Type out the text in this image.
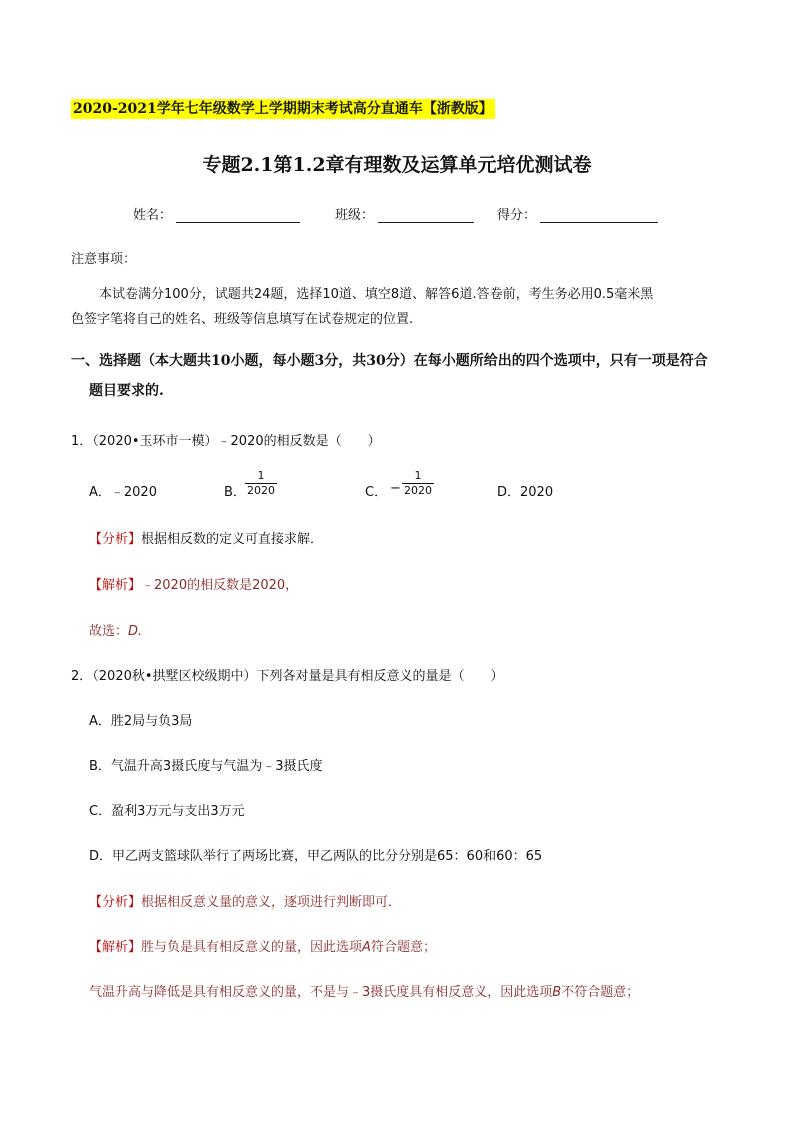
2020-2021学年七年级数学上学期期末考试高分直通车【浙教版】
专题2.1第1.2章有理数及运算单元培优测试卷
姓名：	班级：	得分：
注意事项：
本试卷满分100分，试题共24题，选择10道、填空8道、解答6道.答卷前，考生务必用0.5毫米黑
色签字笔将自己的姓名、班级等信息填写在试卷规定的位置.
一、选择题（本大题共10小题，每小题3分，共30分）在每小题所给出的四个选项中，只有一项是符合
题目要求的.
1．（2020•玉环市一模）﹣2020的相反数是（　　）
A．﹣2020	B． $\frac{1}{2020}$	C． − $\frac{1}{2020}$	D．2020
【分析】根据相反数的定义可直接求解．
【解析】﹣2020的相反数是2020，
故选：D.
2．（2020秋•拱墅区校级期中）下列各对量是具有相反意义的量是（　　）
A．胜2局与负3局
B．气温升高3摄氏度与气温为﹣3摄氏度
C．盈利3万元与支出3万元
D．甲乙两支篮球队举行了两场比赛，甲乙两队的比分分别是65：60和60：65
【分析】根据相反意义量的意义，逐项进行判断即可．
【解析】胜与负是具有相反意义的量，因此选项A符合题意；
气温升高与降低是具有相反意义的量，不是与﹣3摄氏度具有相反意义，因此选项B不符合题意；
